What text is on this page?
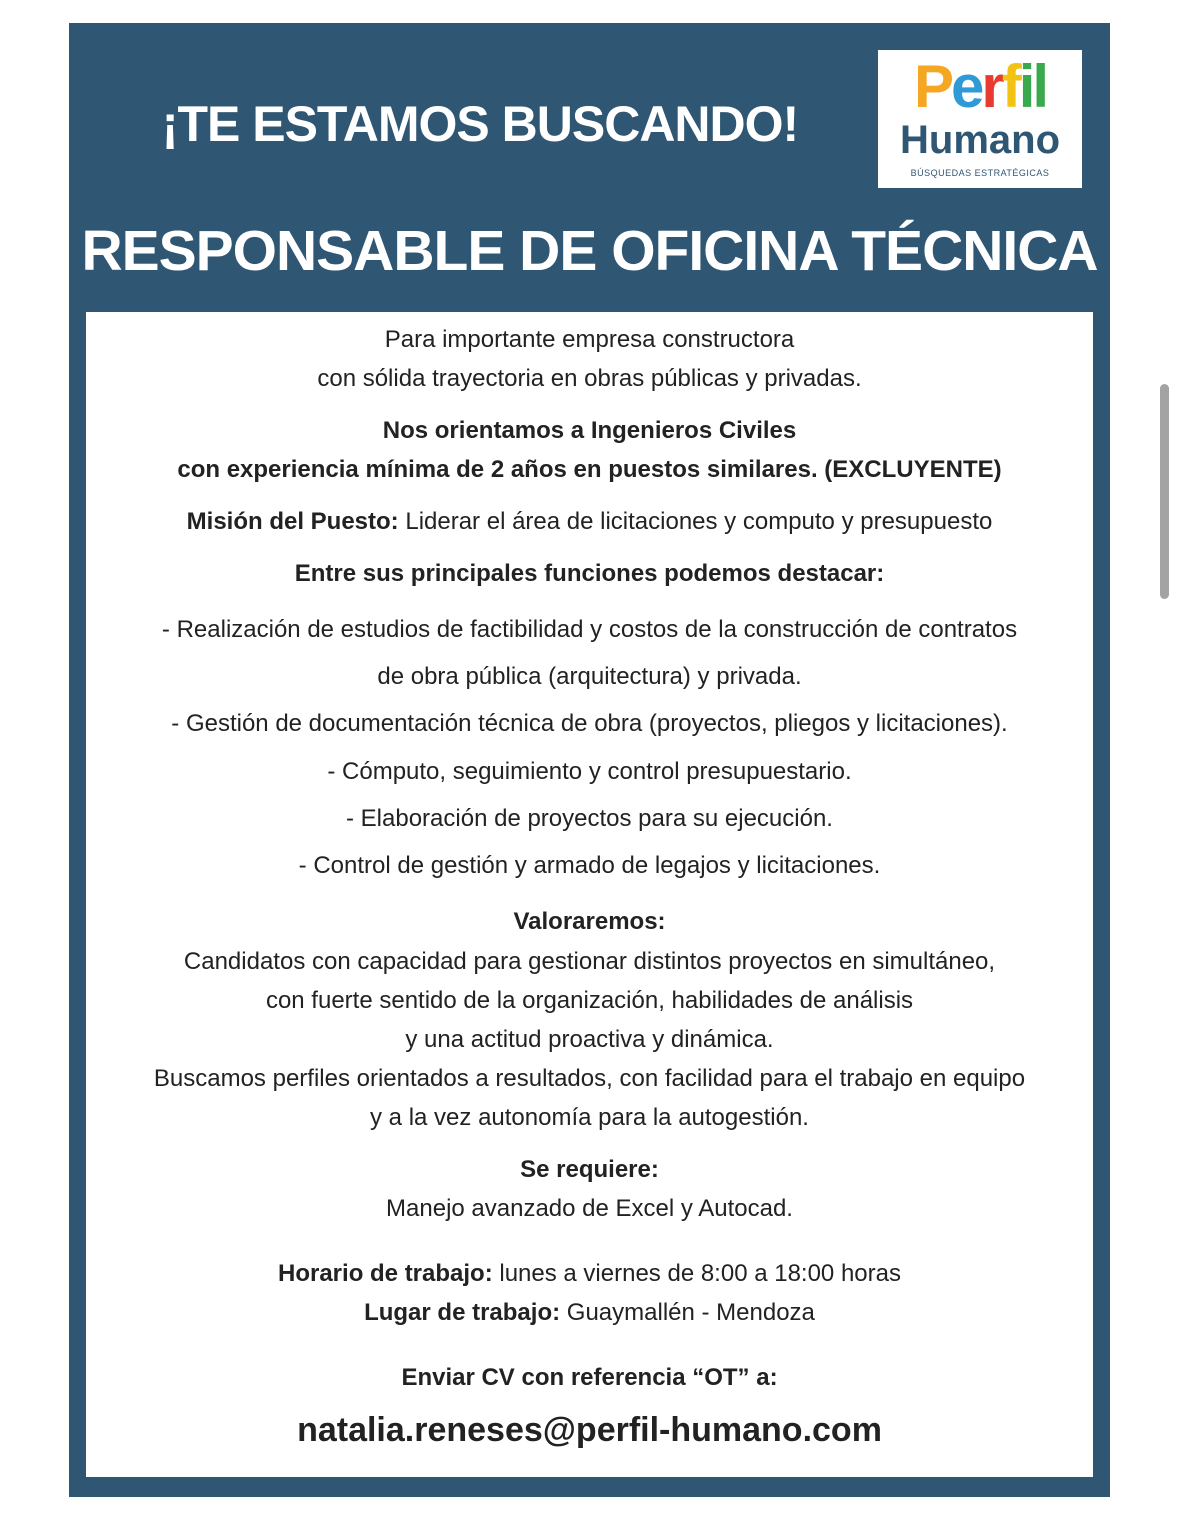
¡TE ESTAMOS BUSCANDO!
Perfil
Humano
BÚSQUEDAS ESTRATÉGICAS
RESPONSABLE DE OFICINA TÉCNICA
Para importante empresa constructora
con sólida trayectoria en obras públicas y privadas.
Nos orientamos a Ingenieros Civiles
con experiencia mínima de 2 años en puestos similares. (EXCLUYENTE)
Misión del Puesto: Liderar el área de licitaciones y computo y presupuesto
Entre sus principales funciones podemos destacar:
- Realización de estudios de factibilidad y costos de la construcción de contratos
de obra pública (arquitectura) y privada.
- Gestión de documentación técnica de obra (proyectos, pliegos y licitaciones).
- Cómputo, seguimiento y control presupuestario.
- Elaboración de proyectos para su ejecución.
- Control de gestión y armado de legajos y licitaciones.
Valoraremos:
Candidatos con capacidad para gestionar distintos proyectos en simultáneo,
con fuerte sentido de la organización, habilidades de análisis
y una actitud proactiva y dinámica.
Buscamos perfiles orientados a resultados, con facilidad para el trabajo en equipo
y a la vez autonomía para la autogestión.
Se requiere:
Manejo avanzado de Excel y Autocad.
Horario de trabajo: lunes a viernes de 8:00 a 18:00 horas
Lugar de trabajo: Guaymallén - Mendoza
Enviar CV con referencia “OT” a:
natalia.reneses@perfil-humano.com
